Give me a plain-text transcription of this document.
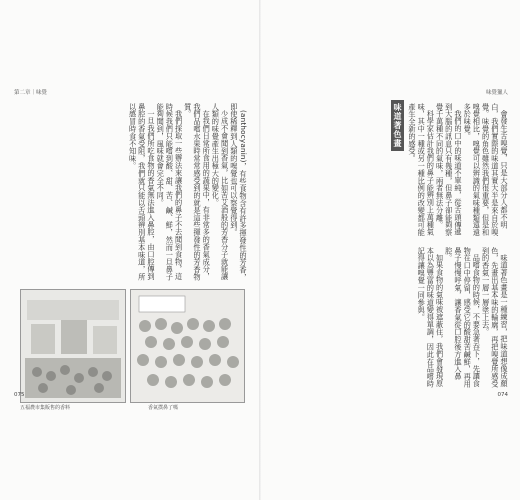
第二章｜味覺

(anthocyanin)，有些食物含有許多揮發性的芳香，即使稀釋到人類的嗅覺也可以察覺得到。

少成不會聞到香氣，比如苦艾酒般的芳香分子就能讓人類的味覺產生出極大的變化。

在我們日常所食用的蔬果中，有非常多的香氣成分，我們品嚐水果時常常感受到的就是這些揮發性的芳香物質。

我們採取一些辦法來讓我們的鼻子不去聞到食物，這時候我們只能嚐到酸、甜、苦、鹹、鮮，然而一旦鼻子能夠聞到，風味就會完全不同。

一旦我們所吃食物的香氣無法進入鼻腔，由口腔傳到鼻腔的香氣受阻，我們就只能以舌頭辨別基本味道，所以感冒時食不知味。

五福農市集販售的香料	香氣撲鼻了嗎
075
味覺獵人

會發生舌嗅覺，只是大部分人都不明白，我們實際的味道其實大半是來自於嗅覺。味覺的角色雖然我們很重要，但是和嗅覺相比，嗅覺可以辨識的氣味種類遠遠多於味覺。

我們的口中的味道不單純，從舌頭傳遞到大腦的訊息只有幾種，但鼻子卻能夠察覺千萬種不同的氣味，兩者無法分離。

科學家估計我們的鼻子能辨別上萬種氣味，其中一種或另一種比例的改變都可能產生全新的感受。

味道著色畫

味道著色畫是一種練習，把味道想像成顏色，先畫出基本味的輪廓，再把嗅覺所感受到的香氣一層一層塗上去。

品嚐食物的時候，不要急著吞下，先讓食物在口中停留，感受它的酸甜苦鹹鮮，再用鼻子慢慢呼氣，讓香氣從口腔後方進入鼻腔。

如果食物的氣味被遮蔽住，我們會發現原本以為豐富的味道變得單調，因此在品嚐時記得讓嗅覺一同參與。

074
